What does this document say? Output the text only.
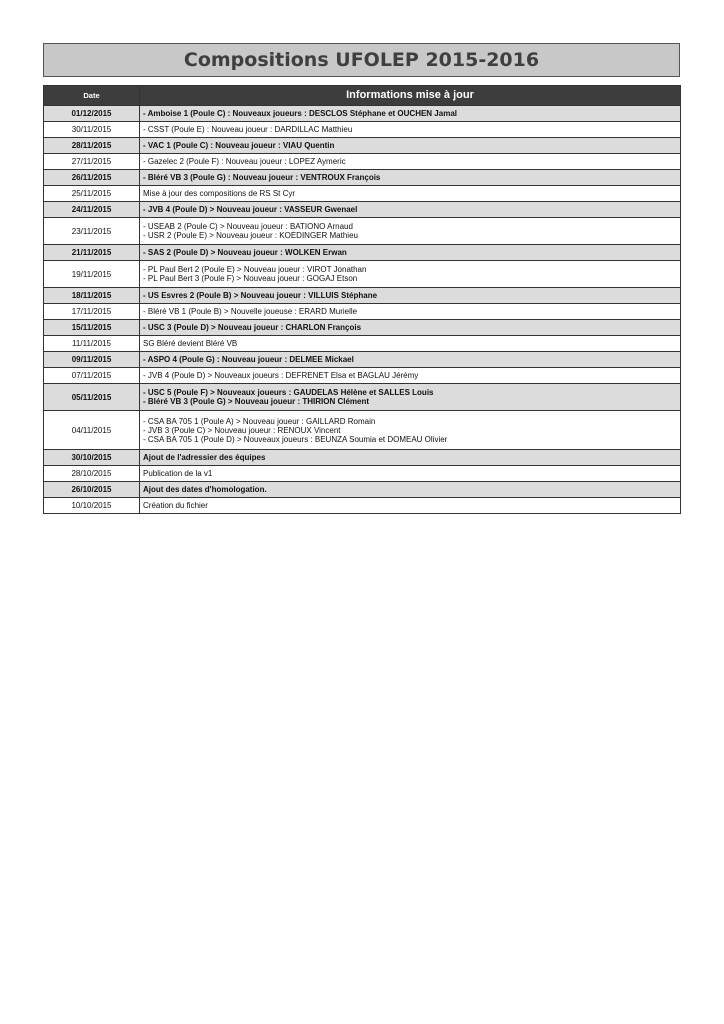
Compositions UFOLEP 2015-2016
Date	Informations mise à jour
01/12/2015	- Amboise 1 (Poule C) : Nouveaux joueurs : DESCLOS Stéphane et OUCHEN Jamal
30/11/2015	- CSST (Poule E) : Nouveau joueur : DARDILLAC Matthieu
28/11/2015	- VAC 1 (Poule C) : Nouveau joueur : VIAU Quentin
27/11/2015	- Gazelec 2 (Poule F) : Nouveau joueur : LOPEZ Aymeric
26/11/2015	- Bléré VB 3 (Poule G) : Nouveau joueur : VENTROUX François
25/11/2015	Mise à jour des compositions de RS St Cyr
24/11/2015	- JVB 4 (Poule D) > Nouveau joueur : VASSEUR Gwenael
23/11/2015	- USEAB 2 (Poule C) > Nouveau joueur : BATIONO Arnaud
- USR 2 (Poule E) > Nouveau joueur : KOEDINGER Mathieu
21/11/2015	- SAS 2 (Poule D) > Nouveau joueur : WOLKEN Erwan
19/11/2015	- PL Paul Bert 2 (Poule E) > Nouveau joueur : VIROT Jonathan
- PL Paul Bert 3 (Poule F) > Nouveau joueur : GOGAJ Etson
18/11/2015	- US Esvres 2 (Poule B) > Nouveau joueur : VILLUIS Stéphane
17/11/2015	- Bléré VB 1 (Poule B) > Nouvelle joueuse : ERARD Murielle
15/11/2015	- USC 3 (Poule D) > Nouveau joueur : CHARLON François
11/11/2015	SG Bléré devient Bléré VB
09/11/2015	- ASPO 4 (Poule G) : Nouveau joueur : DELMEE Mickael
07/11/2015	- JVB 4 (Poule D) > Nouveaux joueurs : DEFRENET Elsa et BAGLAU Jérémy
05/11/2015	- USC 5 (Poule F) > Nouveaux joueurs : GAUDELAS Hélène et SALLES Louis
- Bléré VB 3 (Poule G) > Nouveau joueur : THIRION Clément
04/11/2015	- CSA BA 705 1 (Poule A) > Nouveau joueur : GAILLARD Romain
- JVB 3 (Poule C) > Nouveau joueur : RENOUX Vincent
- CSA BA 705 1 (Poule D) > Nouveaux joueurs : BEUNZA Soumia et DOMEAU Olivier
30/10/2015	Ajout de l'adressier des équipes
28/10/2015	Publication de la v1
26/10/2015	Ajout des dates d'homologation.
10/10/2015	Création du fichier
